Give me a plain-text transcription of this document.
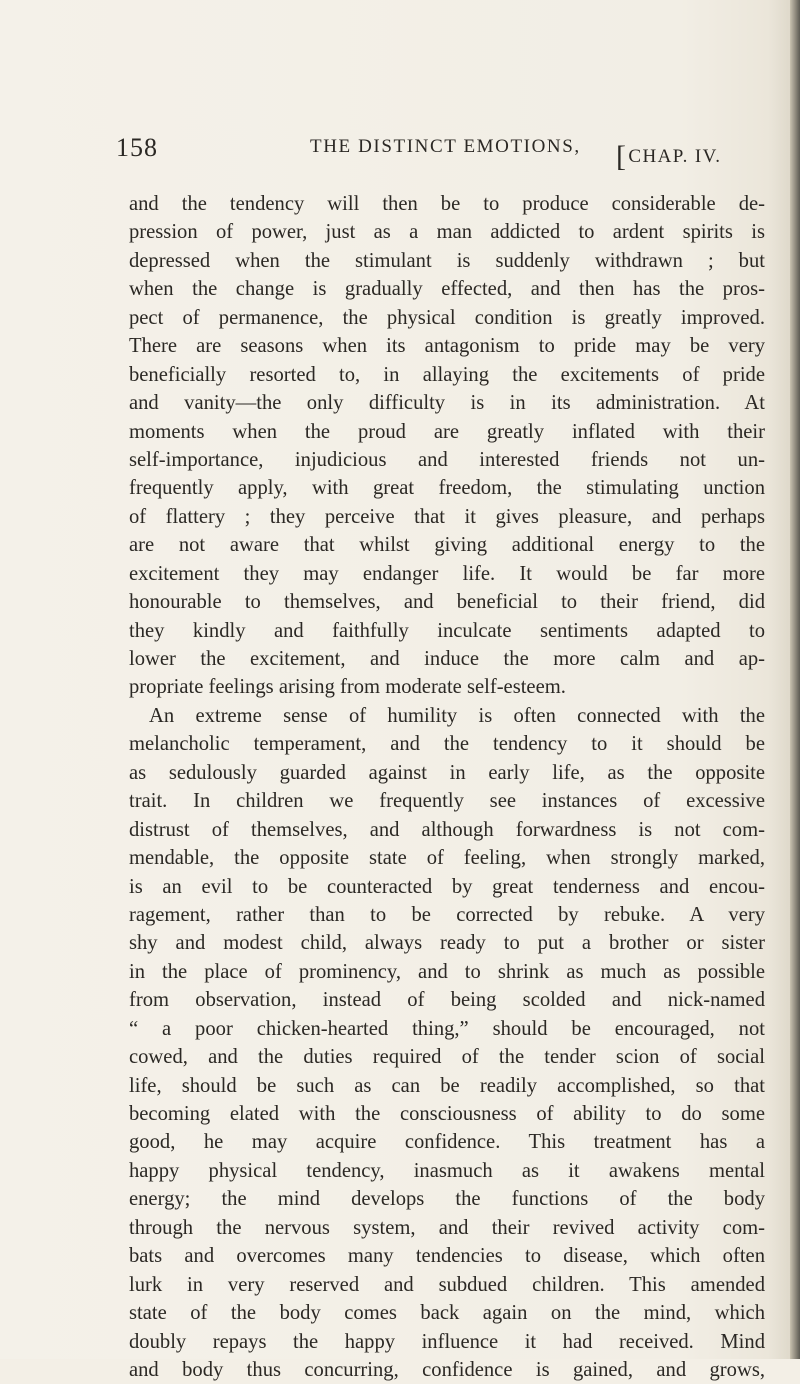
158	THE DISTINCT EMOTIONS, [CHAP. IV.
and the tendency will then be to produce considerable de-
pression of power, just as a man addicted to ardent spirits is
depressed when the stimulant is suddenly withdrawn ; but
when the change is gradually effected, and then has the pros-
pect of permanence, the physical condition is greatly improved.
There are seasons when its antagonism to pride may be very
beneficially resorted to, in allaying the excitements of pride
and vanity—the only difficulty is in its administration. At
moments when the proud are greatly inflated with their
self-importance, injudicious and interested friends not un-
frequently apply, with great freedom, the stimulating unction
of flattery ; they perceive that it gives pleasure, and perhaps
are not aware that whilst giving additional energy to the
excitement they may endanger life. It would be far more
honourable to themselves, and beneficial to their friend, did
they kindly and faithfully inculcate sentiments adapted to
lower the excitement, and induce the more calm and ap-
propriate feelings arising from moderate self-esteem.
An extreme sense of humility is often connected with the
melancholic temperament, and the tendency to it should be
as sedulously guarded against in early life, as the opposite
trait. In children we frequently see instances of excessive
distrust of themselves, and although forwardness is not com-
mendable, the opposite state of feeling, when strongly marked,
is an evil to be counteracted by great tenderness and encou-
ragement, rather than to be corrected by rebuke. A very
shy and modest child, always ready to put a brother or sister
in the place of prominency, and to shrink as much as possible
from observation, instead of being scolded and nick-named
“ a poor chicken-hearted thing,” should be encouraged, not
cowed, and the duties required of the tender scion of social
life, should be such as can be readily accomplished, so that
becoming elated with the consciousness of ability to do some
good, he may acquire confidence. This treatment has a
happy physical tendency, inasmuch as it awakens mental
energy; the mind develops the functions of the body
through the nervous system, and their revived activity com-
bats and overcomes many tendencies to disease, which often
lurk in very reserved and subdued children. This amended
state of the body comes back again on the mind, which
doubly repays the happy influence it had received. Mind
and body thus concurring, confidence is gained, and grows,
